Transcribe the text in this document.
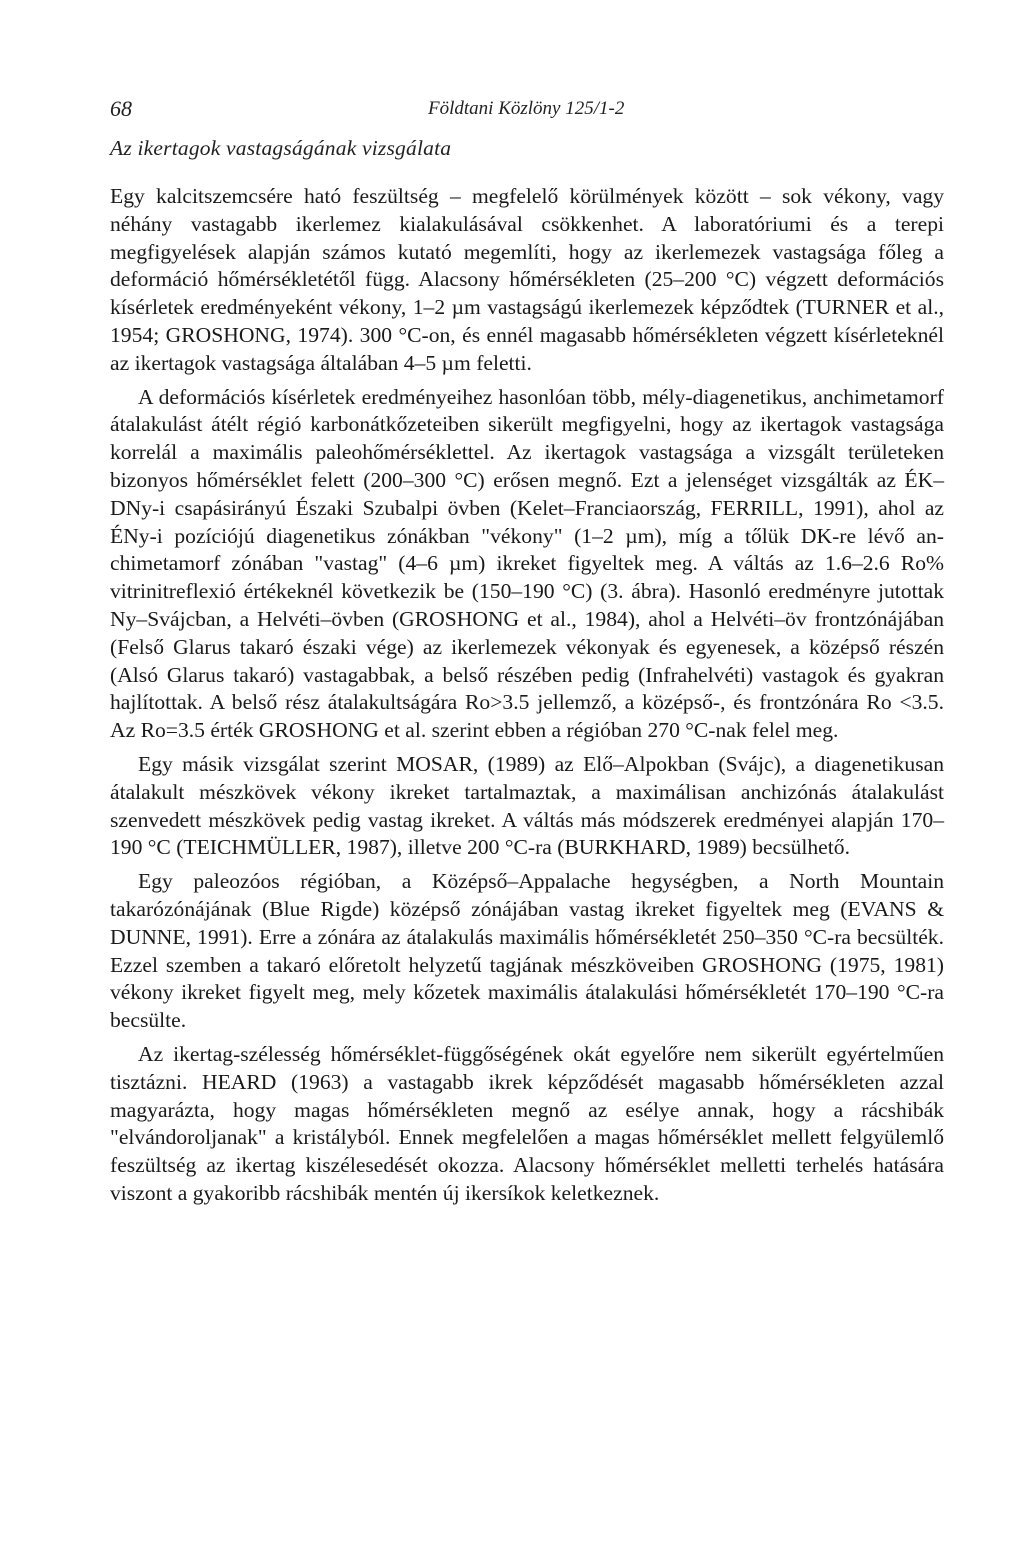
68	Földtani Közlöny 125/1-2
Az ikertagok vastagságának vizsgálata

Egy kalcitszemcsére ható feszültség – megfelelő körülmények között – sok vékony, vagy néhány vastagabb ikerlemez kialakulásával csökkenhet. A laboratóriumi és a terepi megfigyelések alapján számos kutató megemlíti, hogy az ikerlemezek vastagsága főleg a deformáció hőmérsékletétől függ. Alacsony hőmérsékleten (25–200 °C) végzett deformációs kísérletek eredményeként vékony, 1–2 µm vastagságú ikerlemezek képződtek (TURNER et al., 1954; GROSHONG, 1974). 300 °C-on, és ennél magasabb hőmérsékleten végzett kísérleteknél az ikertagok vastagsága általában 4–5 µm feletti.

A deformációs kísérletek eredményeihez hasonlóan több, mély-diagenetikus, anchimetamorf átalakulást átélt régió karbonátkőzeteiben sikerült megfigyelni, hogy az ikertagok vastagsága korrelál a maximális paleohőmérséklettel. Az ikertagok vastagsága a vizsgált területeken bizonyos hőmérséklet felett (200–300 °C) erősen megnő. Ezt a jelenséget vizsgálták az ÉK–DNy-i csapásirányú Északi Szubalpi övben (Kelet–Franciaország, FERRILL, 1991), ahol az ÉNy-i pozíciójú diagenetikus zónákban "vékony" (1–2 µm), míg a tőlük DK-re lévő anchimetamorf zónában "vastag" (4–6 µm) ikreket figyeltek meg. A váltás az 1.6–2.6 Ro% vitrinitreflexió értékeknél következik be (150–190 °C) (3. ábra). Hasonló eredményre jutottak Ny–Svájcban, a Helvéti–övben (GROSHONG et al., 1984), ahol a Helvéti–öv frontzónájában (Felső Glarus takaró északi vége) az ikerlemezek vékonyak és egyenesek, a középső részén (Alsó Glarus takaró) vastagabbak, a belső részében pedig (Infrahelvéti) vastagok és gyakran hajlítottak. A belső rész átalakultságára Ro>3.5 jellemző, a középső-, és frontzónára Ro <3.5. Az Ro=3.5 érték GROSHONG et al. szerint ebben a régióban 270 °C-nak felel meg.

Egy másik vizsgálat szerint MOSAR, (1989) az Elő–Alpokban (Svájc), a diagenetikusan átalakult mészkövek vékony ikreket tartalmaztak, a maximálisan anchizónás átalakulást szenvedett mészkövek pedig vastag ikreket. A váltás más módszerek eredményei alapján 170–190 °C (TEICHMÜLLER, 1987), illetve 200 °C-ra (BURKHARD, 1989) becsülhető.

Egy paleozóos régióban, a Középső–Appalache hegységben, a North Mountain takarózónájának (Blue Rigde) középső zónájában vastag ikreket figyeltek meg (EVANS & DUNNE, 1991). Erre a zónára az átalakulás maximális hőmérsékletét 250–350 °C-ra becsülték. Ezzel szemben a takaró előretolt helyzetű tagjának mészköveiben GROSHONG (1975, 1981) vékony ikreket figyelt meg, mely kőzetek maximális átalakulási hőmérsékletét 170–190 °C-ra becsülte.

Az ikertag-szélesség hőmérséklet-függőségének okát egyelőre nem sikerült egyértelműen tisztázni. HEARD (1963) a vastagabb ikrek képződését magasabb hőmérsékleten azzal magyarázta, hogy magas hőmérsékleten megnő az esélye annak, hogy a rácshibák "elvándoroljanak" a kristályból. Ennek megfelelően a magas hőmérséklet mellett felgyülemlő feszültség az ikertag kiszélesedését okozza. Alacsony hőmérséklet melletti terhelés hatására viszont a gyakoribb rácshibák mentén új ikersíkok keletkeznek.
